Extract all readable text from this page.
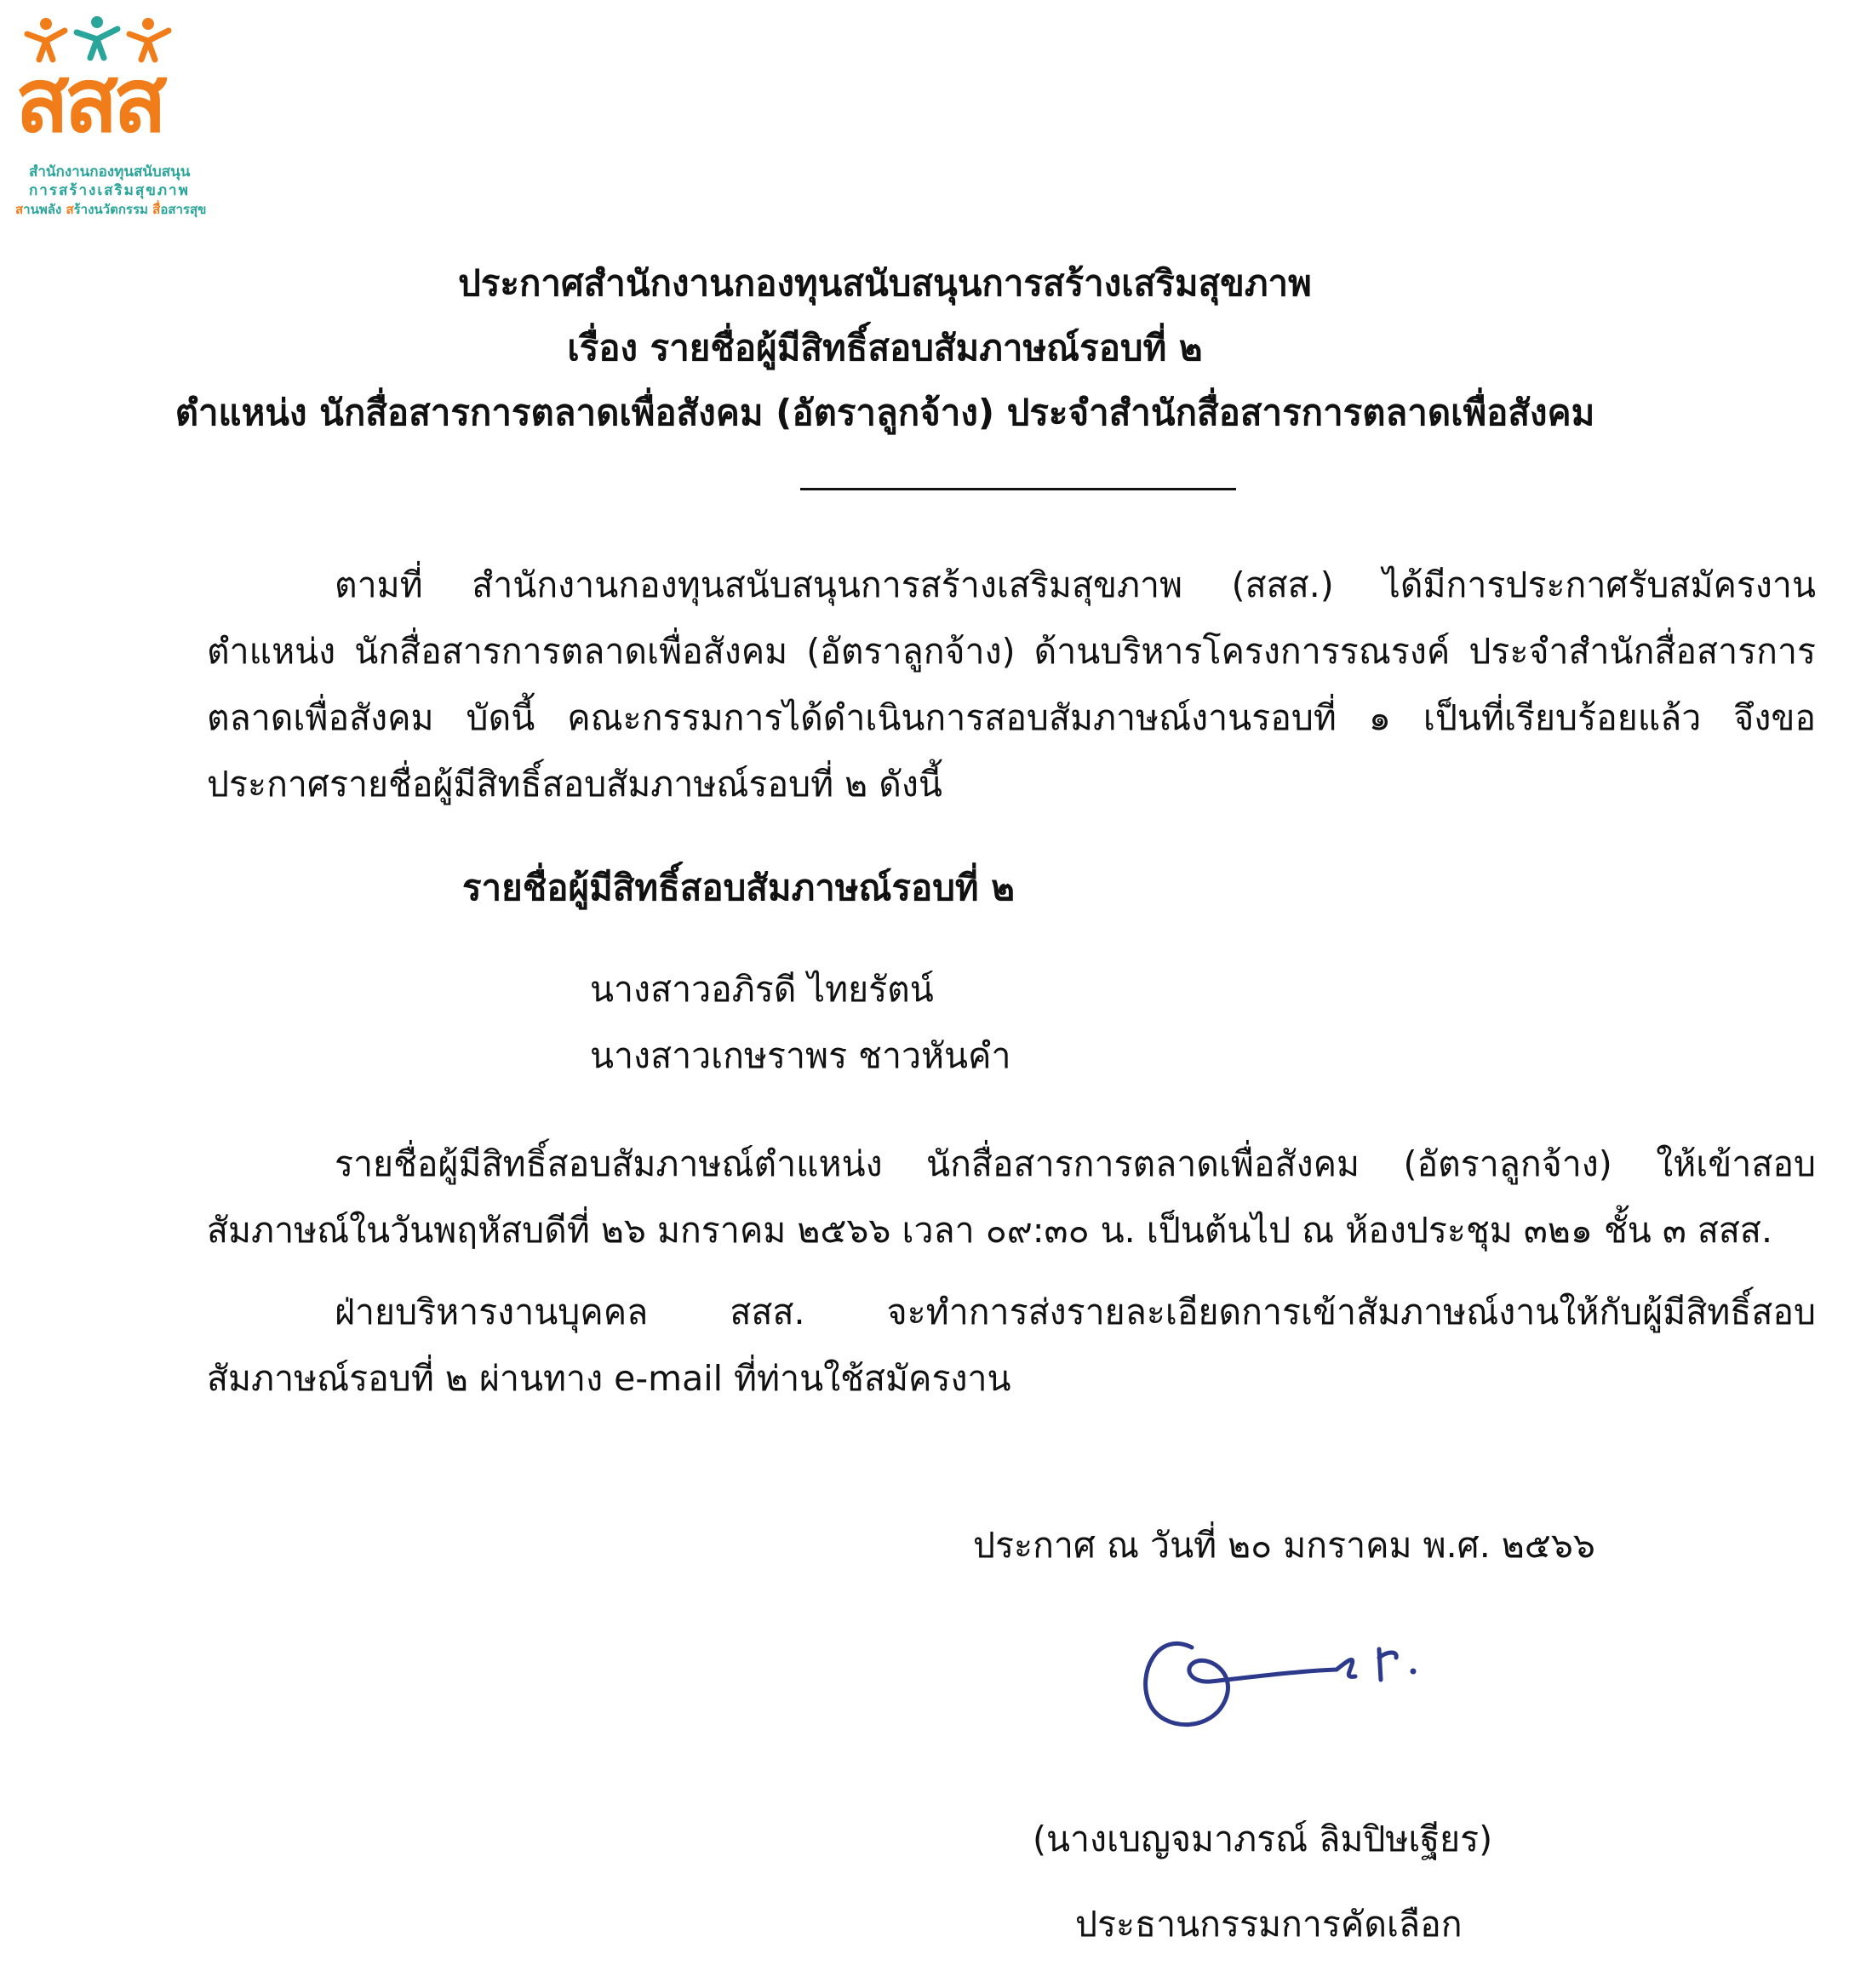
สสส
สำนักงานกองทุนสนับสนุน
การสร้างเสริมสุขภาพ
สานพลัง สร้างนวัตกรรม สื่อสารสุข
ประกาศสำนักงานกองทุนสนับสนุนการสร้างเสริมสุขภาพ
เรื่อง รายชื่อผู้มีสิทธิ์สอบสัมภาษณ์รอบที่ ๒
ตำแหน่ง นักสื่อสารการตลาดเพื่อสังคม (อัตราลูกจ้าง) ประจำสำนักสื่อสารการตลาดเพื่อสังคม
ตามที่ สำนักงานกองทุนสนับสนุนการสร้างเสริมสุขภาพ (สสส.) ได้มีการประกาศรับสมัครงาน ตำแหน่ง นักสื่อสารการตลาดเพื่อสังคม (อัตราลูกจ้าง) ด้านบริหารโครงการรณรงค์ ประจำสำนักสื่อสารการตลาดเพื่อสังคม บัดนี้ คณะกรรมการได้ดำเนินการสอบสัมภาษณ์งานรอบที่ ๑ เป็นที่เรียบร้อยแล้ว จึงขอประกาศรายชื่อผู้มีสิทธิ์สอบสัมภาษณ์รอบที่ ๒ ดังนี้
รายชื่อผู้มีสิทธิ์สอบสัมภาษณ์รอบที่ ๒
นางสาวอภิรดี ไทยรัตน์
นางสาวเกษราพร ชาวหันคำ
รายชื่อผู้มีสิทธิ์สอบสัมภาษณ์ตำแหน่ง นักสื่อสารการตลาดเพื่อสังคม (อัตราลูกจ้าง) ให้เข้าสอบสัมภาษณ์ในวันพฤหัสบดีที่ ๒๖ มกราคม ๒๕๖๖ เวลา ๐๙:๓๐ น. เป็นต้นไป ณ ห้องประชุม ๓๒๑ ชั้น ๓ สสส.
ฝ่ายบริหารงานบุคคล สสส. จะทำการส่งรายละเอียดการเข้าสัมภาษณ์งานให้กับผู้มีสิทธิ์สอบสัมภาษณ์รอบที่ ๒ ผ่านทาง e-mail ที่ท่านใช้สมัครงาน
ประกาศ ณ วันที่ ๒๐ มกราคม พ.ศ. ๒๕๖๖
(นางเบญจมาภรณ์ ลิมปิษเฐียร)
ประธานกรรมการคัดเลือก
